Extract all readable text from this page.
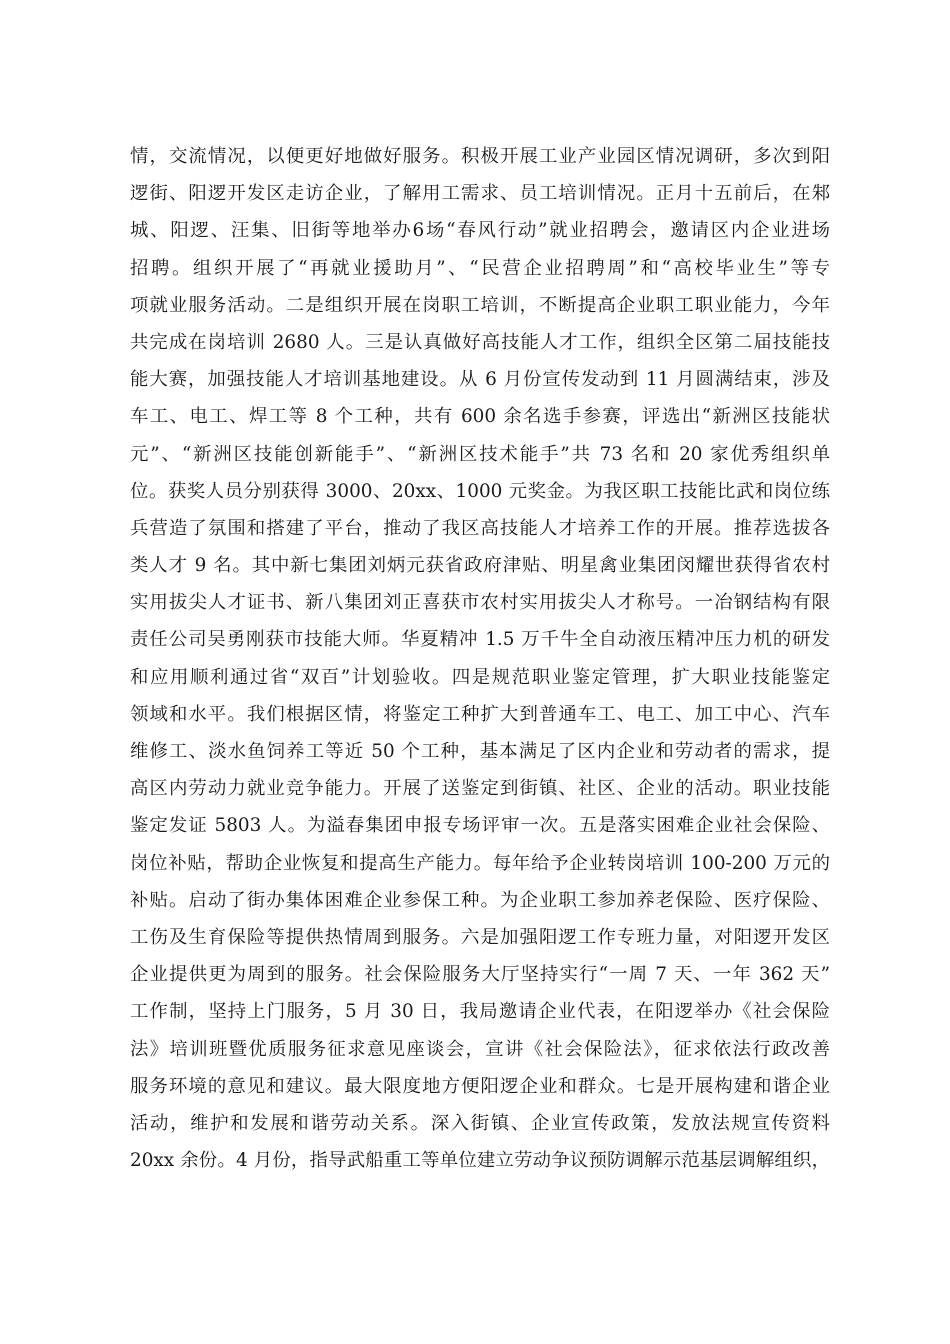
情，交流情况，以便更好地做好服务。积极开展工业产业园区情况调研，多次到阳
逻街、阳逻开发区走访企业，了解用工需求、员工培训情况。正月十五前后，在邾
城、阳逻、汪集、旧街等地举办6场“春风行动”就业招聘会，邀请区内企业进场
招聘。组织开展了“再就业援助月”、“民营企业招聘周”和“高校毕业生”等专
项就业服务活动。二是组织开展在岗职工培训，不断提高企业职工职业能力，今年
共完成在岗培训 2680 人。三是认真做好高技能人才工作，组织全区第二届技能技
能大赛，加强技能人才培训基地建设。从 6 月份宣传发动到 11 月圆满结束，涉及
车工、电工、焊工等 8 个工种，共有 600 余名选手参赛，评选出“新洲区技能状
元”、“新洲区技能创新能手”、“新洲区技术能手”共 73 名和 20 家优秀组织单
位。获奖人员分别获得 3000、20xx、1000 元奖金。为我区职工技能比武和岗位练
兵营造了氛围和搭建了平台，推动了我区高技能人才培养工作的开展。推荐选拔各
类人才 9 名。其中新七集团刘炳元获省政府津贴、明星禽业集团闵耀世获得省农村
实用拔尖人才证书、新八集团刘正喜获市农村实用拔尖人才称号。一冶钢结构有限
责任公司吴勇刚获市技能大师。华夏精冲 1.5 万千牛全自动液压精冲压力机的研发
和应用顺利通过省“双百”计划验收。四是规范职业鉴定管理，扩大职业技能鉴定
领域和水平。我们根据区情，将鉴定工种扩大到普通车工、电工、加工中心、汽车
维修工、淡水鱼饲养工等近 50 个工种，基本满足了区内企业和劳动者的需求，提
高区内劳动力就业竞争能力。开展了送鉴定到街镇、社区、企业的活动。职业技能
鉴定发证 5803 人。为溢春集团申报专场评审一次。五是落实困难企业社会保险、
岗位补贴，帮助企业恢复和提高生产能力。每年给予企业转岗培训 100-200 万元的
补贴。启动了街办集体困难企业参保工种。为企业职工参加养老保险、医疗保险、
工伤及生育保险等提供热情周到服务。六是加强阳逻工作专班力量，对阳逻开发区
企业提供更为周到的服务。社会保险服务大厅坚持实行“一周 7 天、一年 362 天”
工作制，坚持上门服务，5 月 30 日，我局邀请企业代表，在阳逻举办《社会保险
法》培训班暨优质服务征求意见座谈会，宣讲《社会保险法》，征求依法行政改善
服务环境的意见和建议。最大限度地方便阳逻企业和群众。七是开展构建和谐企业
活动，维护和发展和谐劳动关系。深入街镇、企业宣传政策，发放法规宣传资料
20xx 余份。4 月份，指导武船重工等单位建立劳动争议预防调解示范基层调解组织，
